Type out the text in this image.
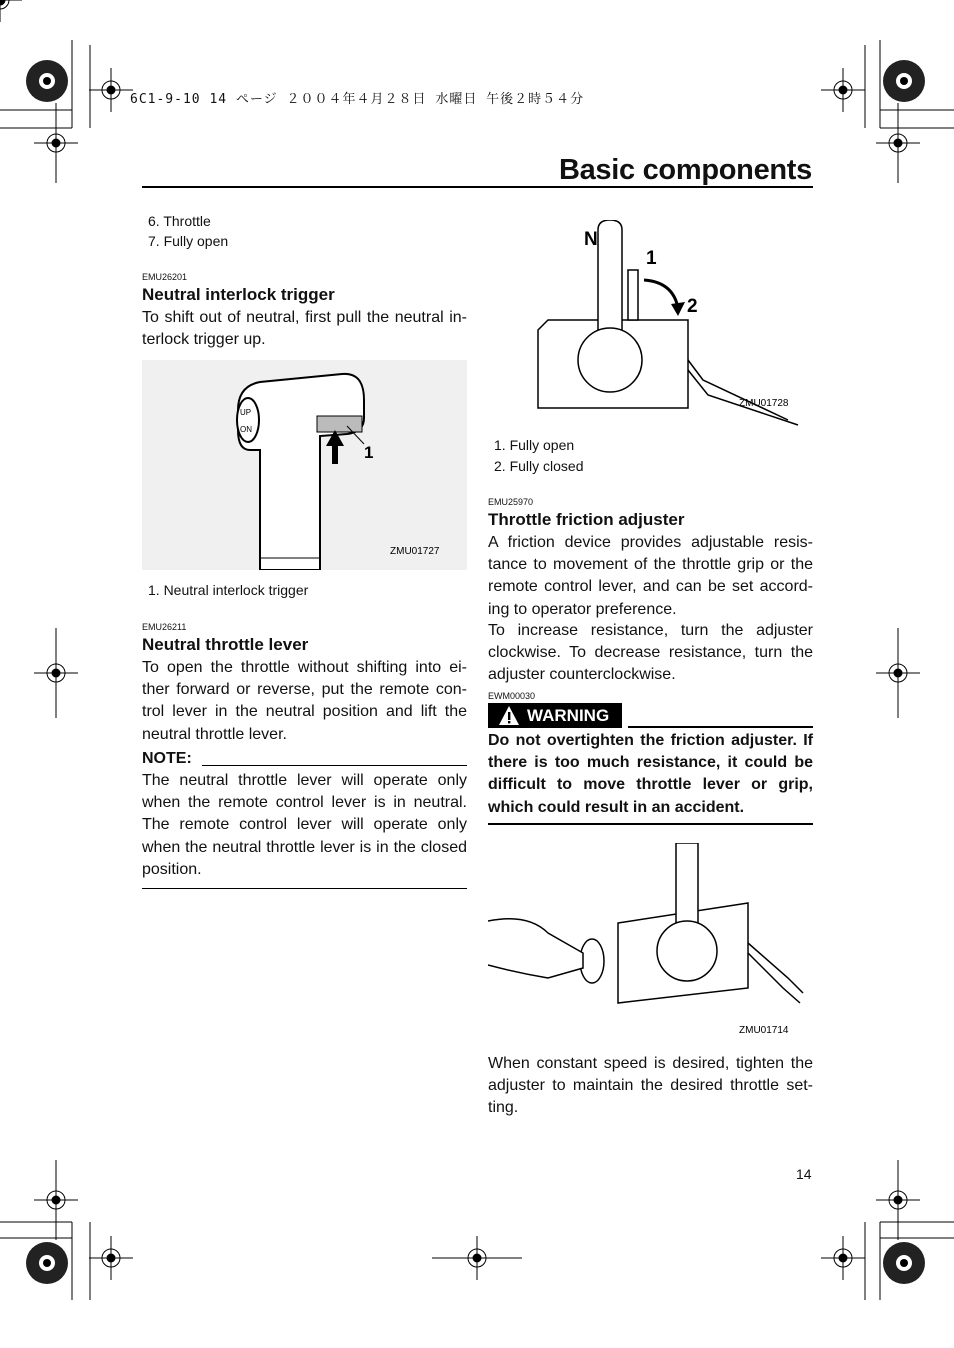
6C1-9-10 14 ページ ２００４年４月２８日 水曜日 午後２時５４分
Basic components
6. Throttle
7. Fully open
EMU26201
Neutral interlock trigger
To shift out of neutral, first pull the neutral in- terlock trigger up.
UP
ON
1
ZMU01727
1. Neutral interlock trigger
EMU26211
Neutral throttle lever
To open the throttle without shifting into ei- ther forward or reverse, put the remote con- trol lever in the neutral position and lift the neutral throttle lever.
NOTE:
The neutral throttle lever will operate only when the remote control lever is in neutral. The remote control lever will operate only when the neutral throttle lever is in the closed position.
N
1
2
ZMU01728
1. Fully open
2. Fully closed
EMU25970
Throttle friction adjuster
A friction device provides adjustable resis- tance to movement of the throttle grip or the remote control lever, and can be set accord- ing to operator preference.
To increase resistance, turn the adjuster clockwise. To decrease resistance, turn the adjuster counterclockwise.
EWM00030
WARNING
Do not overtighten the friction adjuster. If there is too much resistance, it could be difficult to move throttle lever or grip, which could result in an accident.
ZMU01714
When constant speed is desired, tighten the adjuster to maintain the desired throttle set- ting.
14
